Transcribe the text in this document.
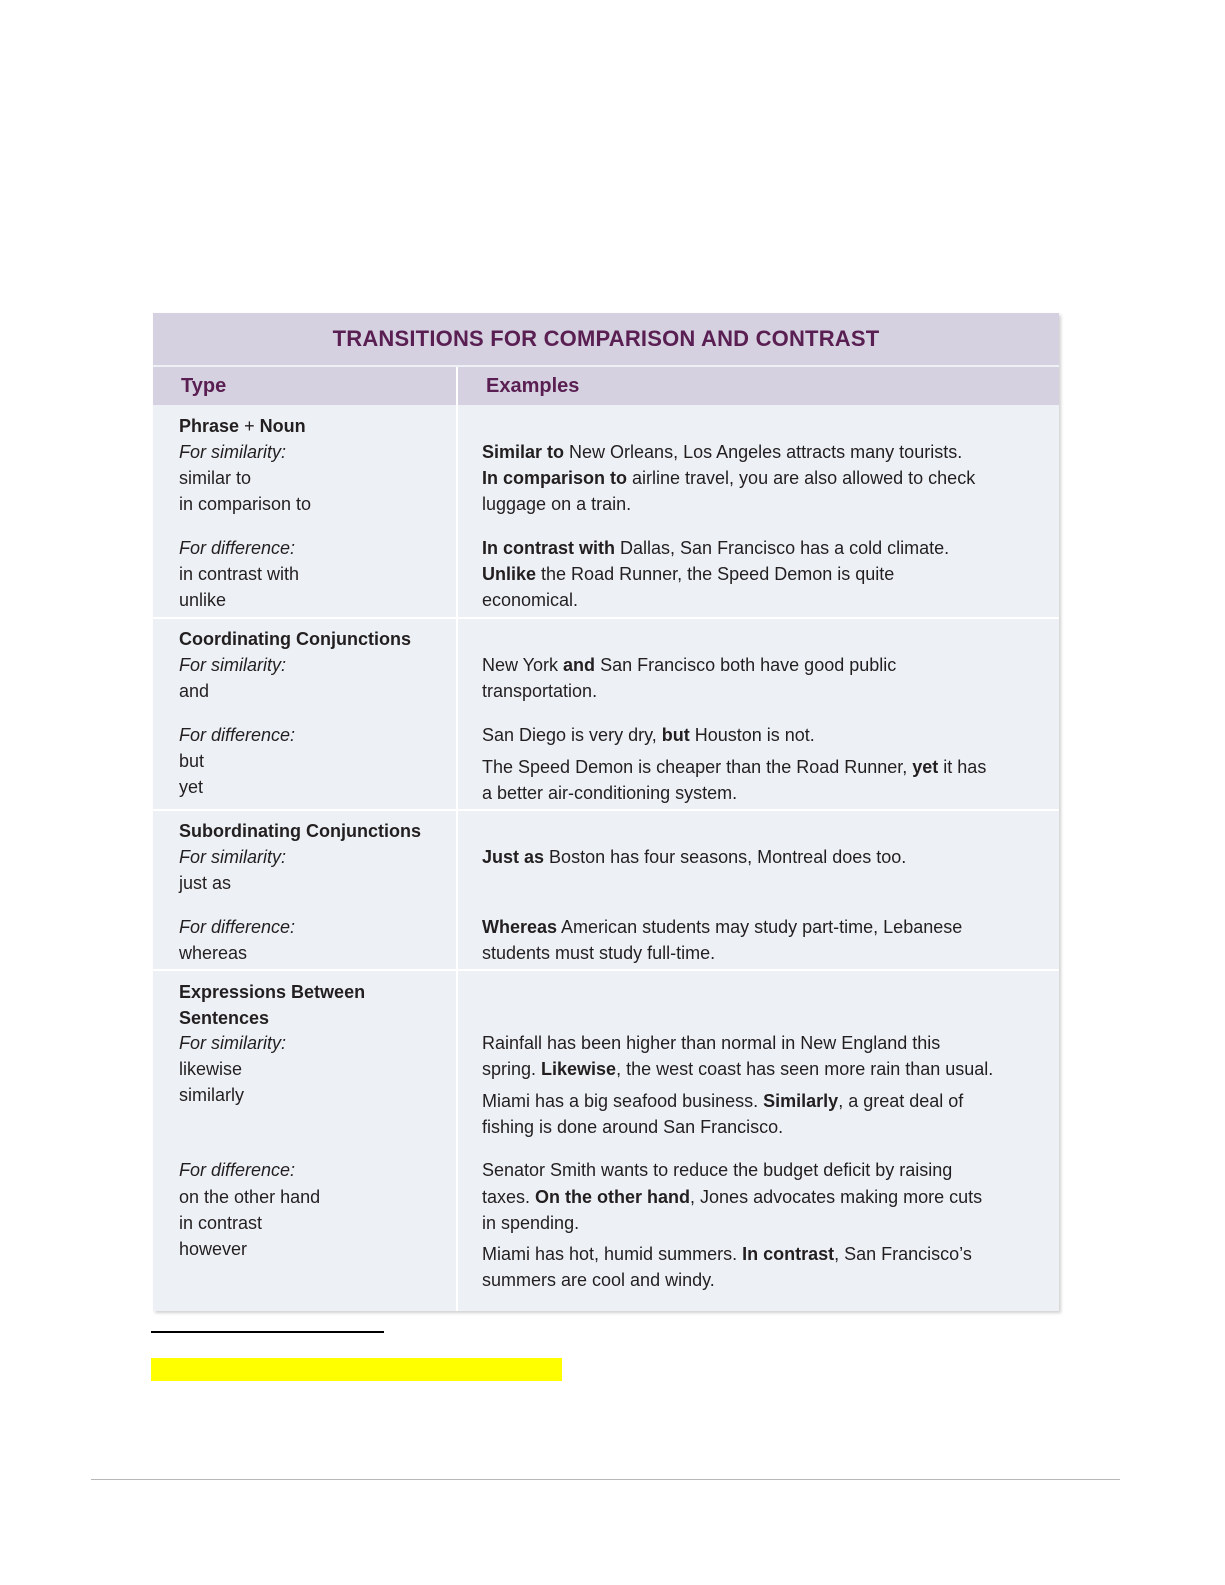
TRANSITIONS FOR COMPARISON AND CONTRAST
Type	Examples
Phrase + Noun
For similarity:
similar to
in comparison to
For difference:
in contrast with
unlike
Similar to New Orleans, Los Angeles attracts many tourists.
In comparison to airline travel, you are also allowed to check
luggage on a train.
In contrast with Dallas, San Francisco has a cold climate.
Unlike the Road Runner, the Speed Demon is quite
economical.
Coordinating Conjunctions
For similarity:
and
For difference:
but
yet
New York and San Francisco both have good public
transportation.
San Diego is very dry, but Houston is not.
The Speed Demon is cheaper than the Road Runner, yet it has
a better air-conditioning system.
Subordinating Conjunctions
For similarity:
just as
For difference:
whereas
Just as Boston has four seasons, Montreal does too.
Whereas American students may study part-time, Lebanese
students must study full-time.
Expressions Between
Sentences
For similarity:
likewise
similarly
For difference:
on the other hand
in contrast
however
Rainfall has been higher than normal in New England this
spring. Likewise, the west coast has seen more rain than usual.
Miami has a big seafood business. Similarly, a great deal of
fishing is done around San Francisco.
Senator Smith wants to reduce the budget deficit by raising
taxes. On the other hand, Jones advocates making more cuts
in spending.
Miami has hot, humid summers. In contrast, San Francisco’s
summers are cool and windy.
